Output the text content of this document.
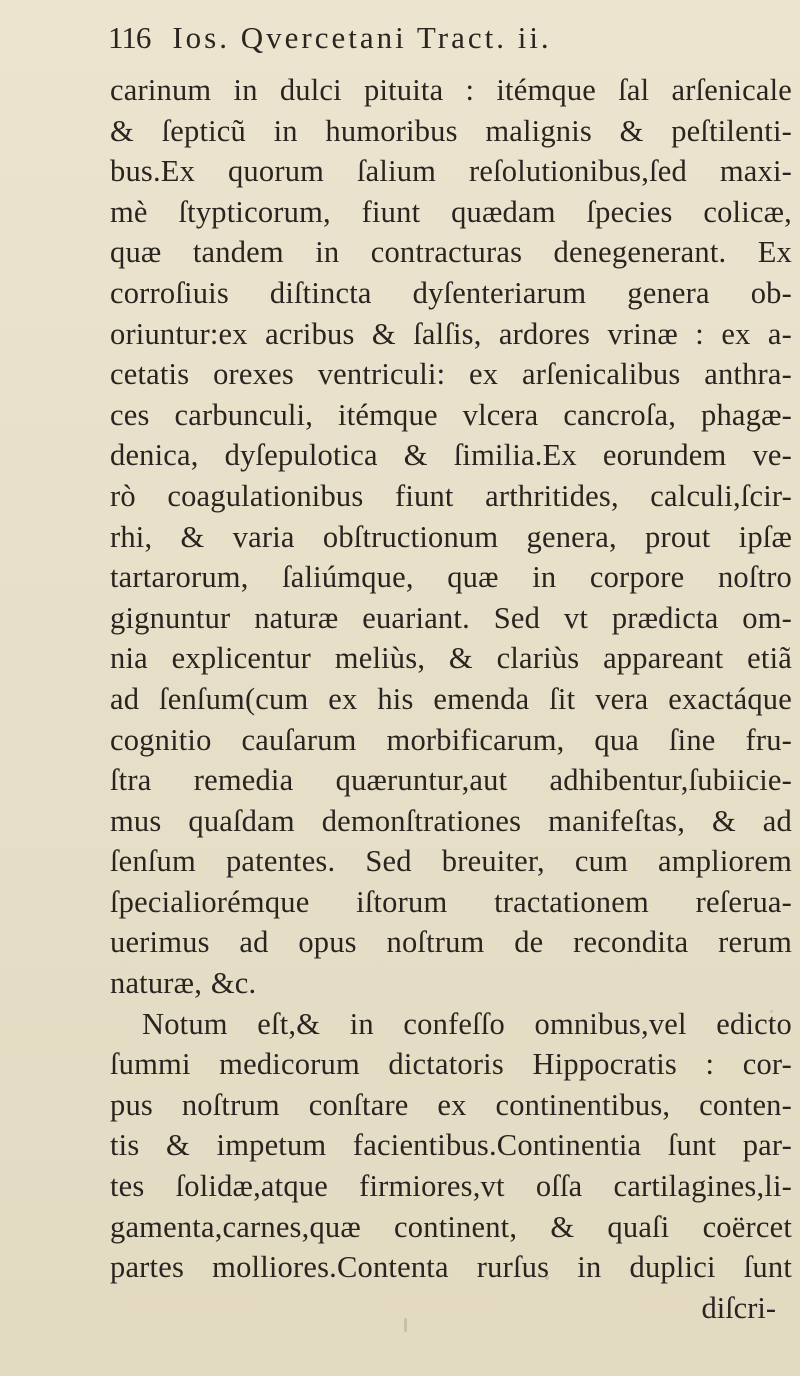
116 Ios. Qvercetani Tract. ii.
carinum in dulci pituita : itémque ſal arſenicale
& ſepticũ in humoribus malignis & peſtilenti-
bus.Ex quorum ſalium reſolutionibus,ſed maxi-
mè ſtypticorum, fiunt quædam ſpecies colicæ,
quæ tandem in contracturas denegenerant. Ex
corroſiuis diſtincta dyſenteriarum genera ob-
oriuntur:ex acribus & ſalſis, ardores vrinæ : ex a-
cetatis orexes ventriculi: ex arſenicalibus anthra-
ces carbunculi, itémque vlcera cancroſa, phagæ-
denica, dyſepulotica & ſimilia.Ex eorundem ve-
rò coagulationibus fiunt arthritides, calculi,ſcir-
rhi, & varia obſtructionum genera, prout ipſæ
tartarorum, ſaliúmque, quæ in corpore noſtro
gignuntur naturæ euariant. Sed vt prædicta om-
nia explicentur meliùs, & clariùs appareant etiã
ad ſenſum(cum ex his emenda ſit vera exactáque
cognitio cauſarum morbificarum, qua ſine fru-
ſtra remedia quæruntur,aut adhibentur,ſubiicie-
mus quaſdam demonſtrationes manifeſtas, & ad
ſenſum patentes. Sed breuiter, cum ampliorem
ſpecialiorémque iſtorum tractationem reſerua-
uerimus ad opus noſtrum de recondita rerum
naturæ, &c.
Notum eſt,& in confeſſo omnibus,vel edicto
ſummi medicorum dictatoris Hippocratis : cor-
pus noſtrum conſtare ex continentibus, conten-
tis & impetum facientibus.Continentia ſunt par-
tes ſolidæ,atque firmiores,vt oſſa cartilagines,li-
gamenta,carnes,quæ continent, & quaſi coërcet
partes molliores.Contenta rurſus in duplici ſunt
diſcri-
